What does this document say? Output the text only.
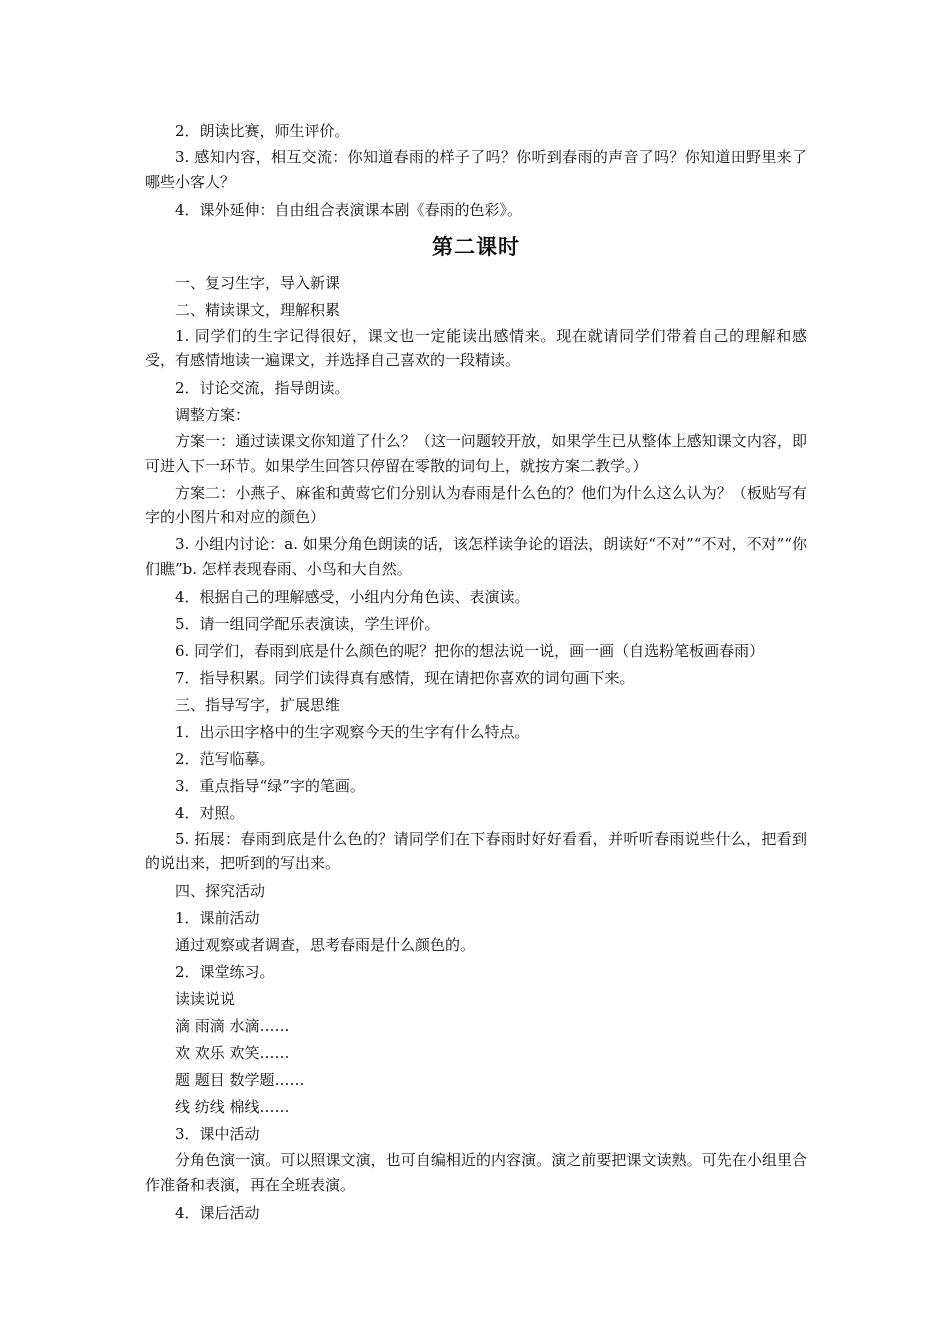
2．朗读比赛，师生评价。

3. 感知内容，相互交流：你知道春雨的样子了吗？你听到春雨的声音了吗？你知道田野里来了哪些小客人？

4．课外延伸：自由组合表演课本剧《春雨的色彩》。

第二课时

一、复习生字，导入新课

二、精读课文，理解积累

1. 同学们的生字记得很好，课文也一定能读出感情来。现在就请同学们带着自己的理解和感受，有感情地读一遍课文，并选择自己喜欢的一段精读。

2．讨论交流，指导朗读。

调整方案：

方案一：通过读课文你知道了什么？（这一问题较开放，如果学生已从整体上感知课文内容，即可进入下一环节。如果学生回答只停留在零散的词句上，就按方案二教学。）

方案二：小燕子、麻雀和黄莺它们分别认为春雨是什么色的？他们为什么这么认为？（板贴写有字的小图片和对应的颜色）

3. 小组内讨论：a. 如果分角色朗读的话，该怎样读争论的语法，朗读好“不对”“不对，不对”“你们瞧”b. 怎样表现春雨、小鸟和大自然。

4．根据自己的理解感受，小组内分角色读、表演读。

5．请一组同学配乐表演读，学生评价。

6. 同学们，春雨到底是什么颜色的呢？把你的想法说一说，画一画（自选粉笔板画春雨）

7．指导积累。同学们读得真有感情，现在请把你喜欢的词句画下来。

三、指导写字，扩展思维

1．出示田字格中的生字观察今天的生字有什么特点。

2．范写临摹。

3．重点指导“绿”字的笔画。

4．对照。

5. 拓展：春雨到底是什么色的？请同学们在下春雨时好好看看，并听听春雨说些什么，把看到的说出来，把听到的写出来。

四、探究活动

1．课前活动

通过观察或者调查，思考春雨是什么颜色的。

2．课堂练习。

读读说说

滴 雨滴 水滴……

欢 欢乐 欢笑……

题 题目 数学题……

线 纺线 棉线……

3．课中活动

分角色演一演。可以照课文演，也可自编相近的内容演。演之前要把课文读熟。可先在小组里合作准备和表演，再在全班表演。

4．课后活动
